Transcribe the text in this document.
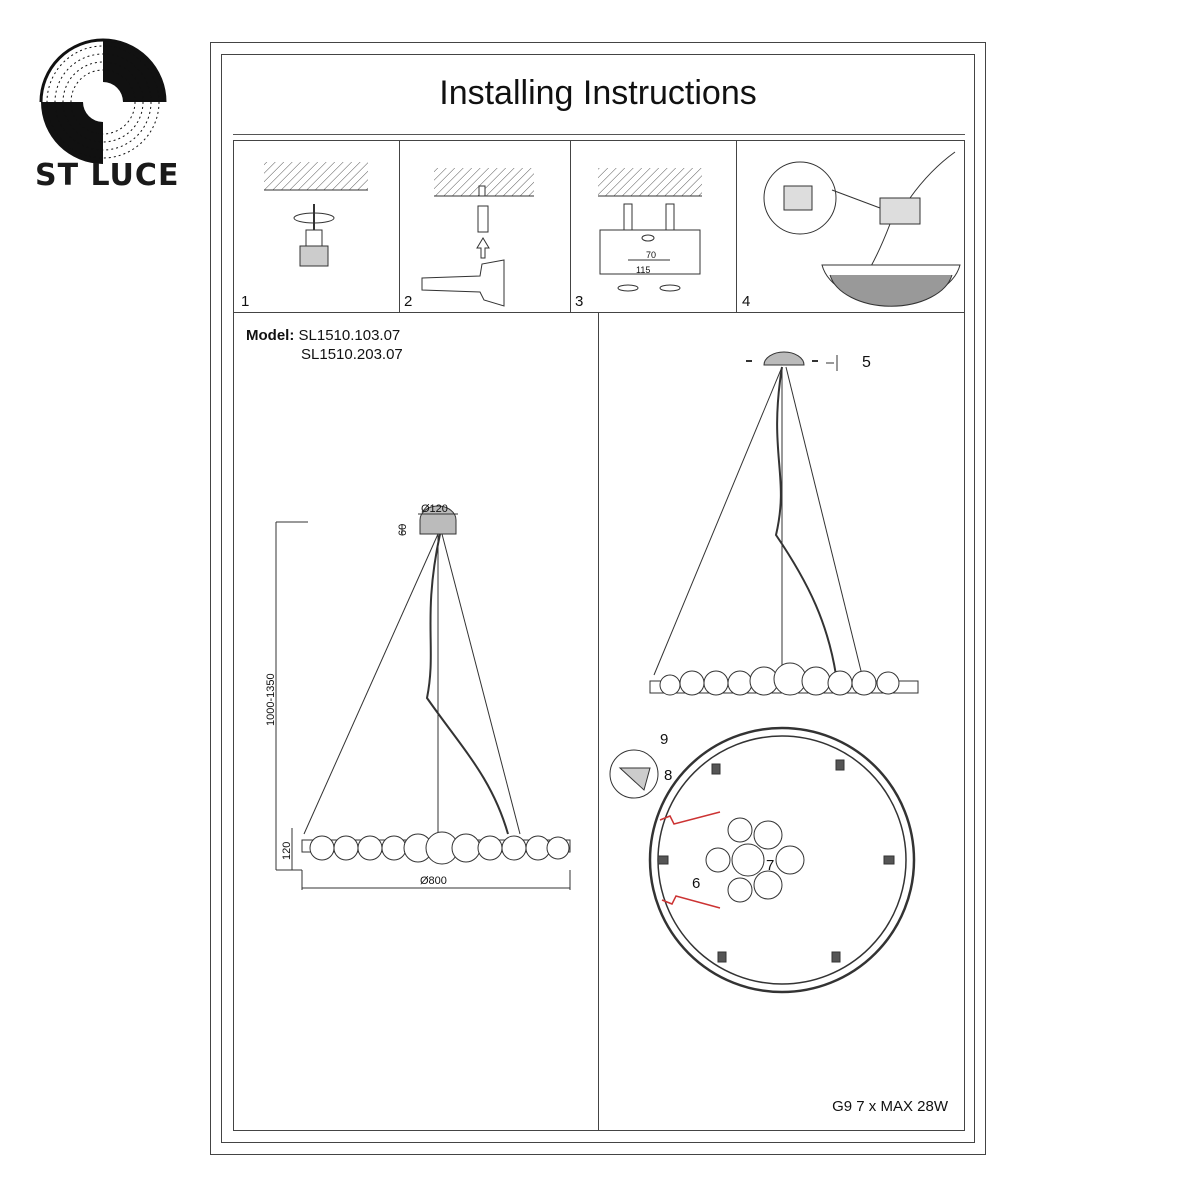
ST LUCE
Installing Instructions
1	2	3	4
70
115
Model: SL1510.103.07
SL1510.203.07
Ø120
60
1000-1350
120
Ø800
5
9
8
7
6
G9 7 x MAX 28W
